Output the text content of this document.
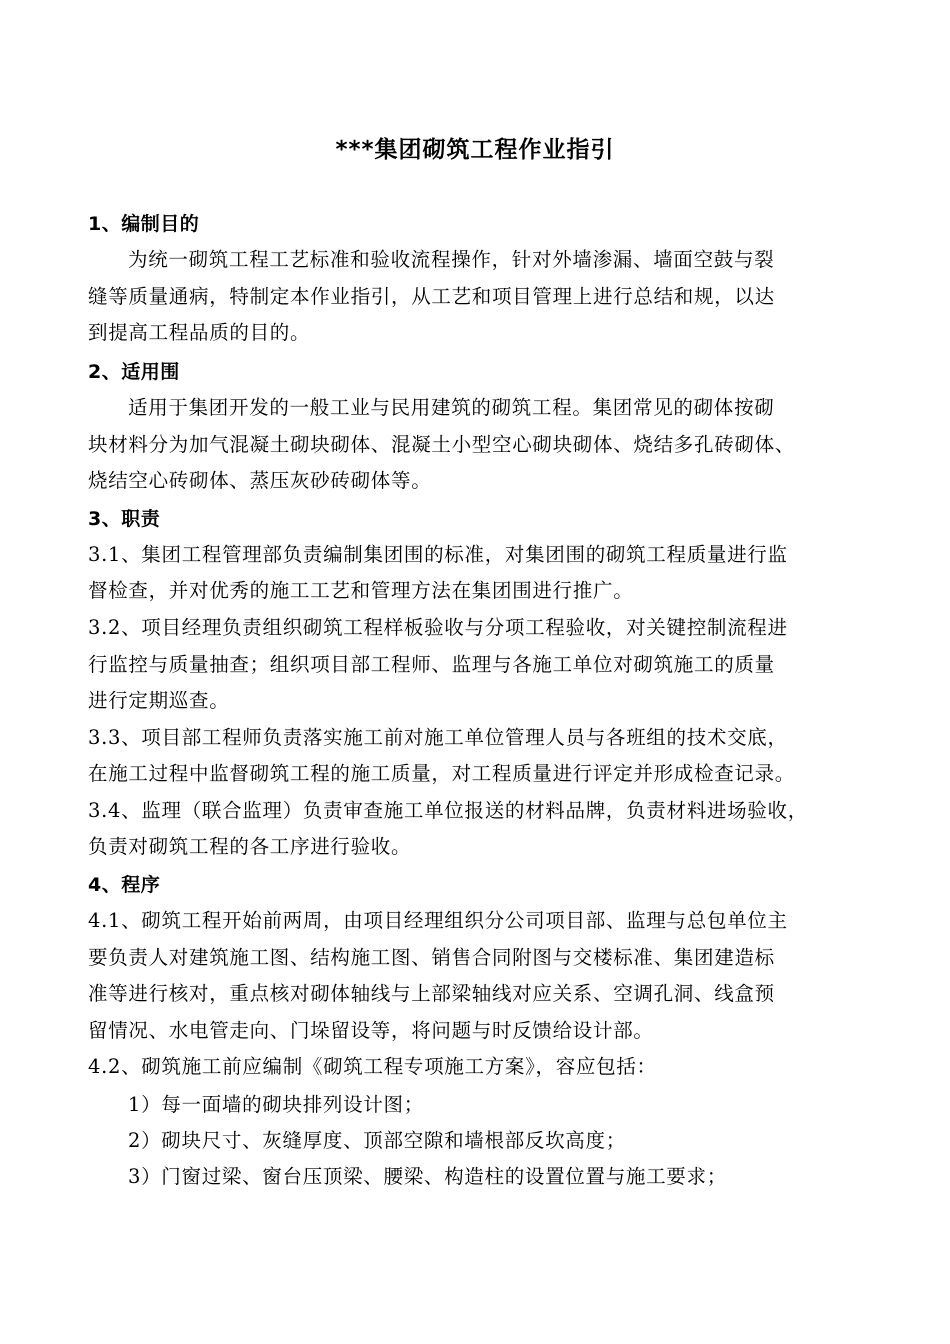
***集团砌筑工程作业指引
1、编制目的
为统一砌筑工程工艺标准和验收流程操作，针对外墙渗漏、墙面空鼓与裂
缝等质量通病，特制定本作业指引，从工艺和项目管理上进行总结和规，以达
到提高工程品质的目的。
2、适用围
适用于集团开发的一般工业与民用建筑的砌筑工程。集团常见的砌体按砌
块材料分为加气混凝土砌块砌体、混凝土小型空心砌块砌体、烧结多孔砖砌体、
烧结空心砖砌体、蒸压灰砂砖砌体等。
3、职责
3.1、集团工程管理部负责编制集团围的标准，对集团围的砌筑工程质量进行监
督检查，并对优秀的施工工艺和管理方法在集团围进行推广。
3.2、项目经理负责组织砌筑工程样板验收与分项工程验收，对关键控制流程进
行监控与质量抽查；组织项目部工程师、监理与各施工单位对砌筑施工的质量
进行定期巡查。
3.3、项目部工程师负责落实施工前对施工单位管理人员与各班组的技术交底，
在施工过程中监督砌筑工程的施工质量，对工程质量进行评定并形成检查记录。
3.4、监理（联合监理）负责审查施工单位报送的材料品牌，负责材料进场验收，
负责对砌筑工程的各工序进行验收。
4、程序
4.1、砌筑工程开始前两周，由项目经理组织分公司项目部、监理与总包单位主
要负责人对建筑施工图、结构施工图、销售合同附图与交楼标准、集团建造标
准等进行核对，重点核对砌体轴线与上部梁轴线对应关系、空调孔洞、线盒预
留情况、水电管走向、门垛留设等，将问题与时反馈给设计部。
4.2、砌筑施工前应编制《砌筑工程专项施工方案》，容应包括：
1）每一面墙的砌块排列设计图；
2）砌块尺寸、灰缝厚度、顶部空隙和墙根部反坎高度；
3）门窗过梁、窗台压顶梁、腰梁、构造柱的设置位置与施工要求；
